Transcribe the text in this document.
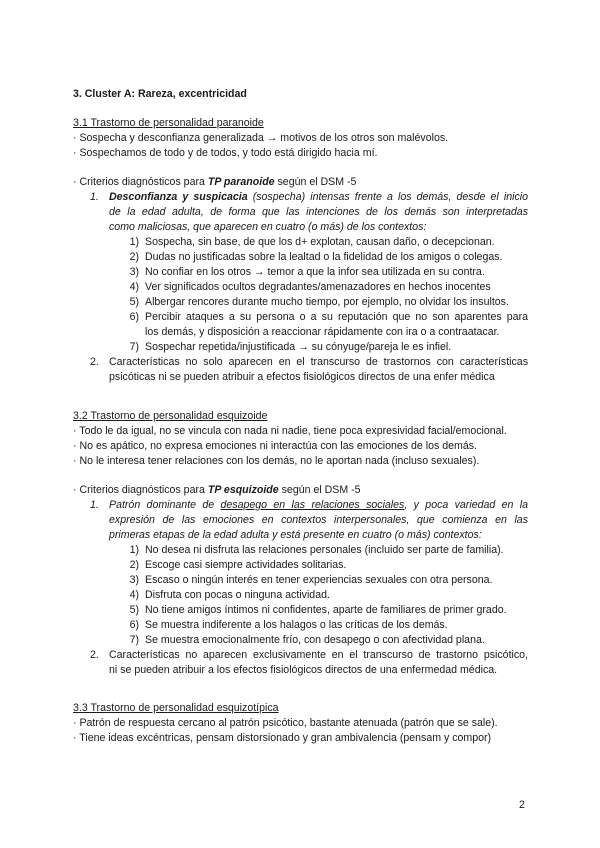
3. Cluster A: Rareza, excentricidad
3.1 Trastorno de personalidad paranoide
· Sospecha y desconfianza generalizada → motivos de los otros son malévolos.
· Sospechamos de todo y de todos, y todo está dirigido hacia mí.
· Criterios diagnósticos para TP paranoide según el DSM -5
1. Desconfianza y suspicacia (sospecha) intensas frente a los demás, desde el inicio
de la edad adulta, de forma que las intenciones de los demás son interpretadas
como maliciosas, que aparecen en cuatro (o más) de los contextos:
1) Sospecha, sin base, de que los d+ explotan, causan daño, o decepcionan.
2) Dudas no justificadas sobre la lealtad o la fidelidad de los amigos o colegas.
3) No confiar en los otros → temor a que la infor sea utilizada en su contra.
4) Ver significados ocultos degradantes/amenazadores en hechos inocentes
5) Albergar rencores durante mucho tiempo, por ejemplo, no olvidar los insultos.
6) Percibir ataques a su persona o a su reputación que no son aparentes para
los demás, y disposición a reaccionar rápidamente con ira o a contraatacar.
7) Sospechar repetida/injustificada → su cónyuge/pareja le es infiel.
2. Características no solo aparecen en el transcurso de trastornos con características
psicóticas ni se pueden atribuir a efectos fisiológicos directos de una enfer médica
3.2 Trastorno de personalidad esquizoide
· Todo le da igual, no se vincula con nada ni nadie, tiene poca expresividad facial/emocional.
· No es apático, no expresa emociones ni interactúa con las emociones de los demás.
· No le interesa tener relaciones con los demás, no le aportan nada (incluso sexuales).
· Criterios diagnósticos para TP esquizoide según el DSM -5
1. Patrón dominante de desapego en las relaciones sociales, y poca variedad en la
expresión de las emociones en contextos interpersonales, que comienza en las
primeras etapas de la edad adulta y está presente en cuatro (o más) contextos:
1) No desea ni disfruta las relaciones personales (incluido ser parte de familia).
2) Escoge casi siempre actividades solitarias.
3) Escaso o ningún interés en tener experiencias sexuales con otra persona.
4) Disfruta con pocas o ninguna actividad.
5) No tiene amigos íntimos ni confidentes, aparte de familiares de primer grado.
6) Se muestra indiferente a los halagos o las críticas de los demás.
7) Se muestra emocionalmente frío, con desapego o con afectividad plana.
2. Características no aparecen exclusivamente en el transcurso de trastorno psicótico,
ni se pueden atribuir a los efectos fisiológicos directos de una enfermedad médica.
3.3 Trastorno de personalidad esquizotípica
· Patrón de respuesta cercano al patrón psicótico, bastante atenuada (patrón que se sale).
· Tiene ideas excéntricas, pensam distorsionado y gran ambivalencia (pensam y compor)
2
